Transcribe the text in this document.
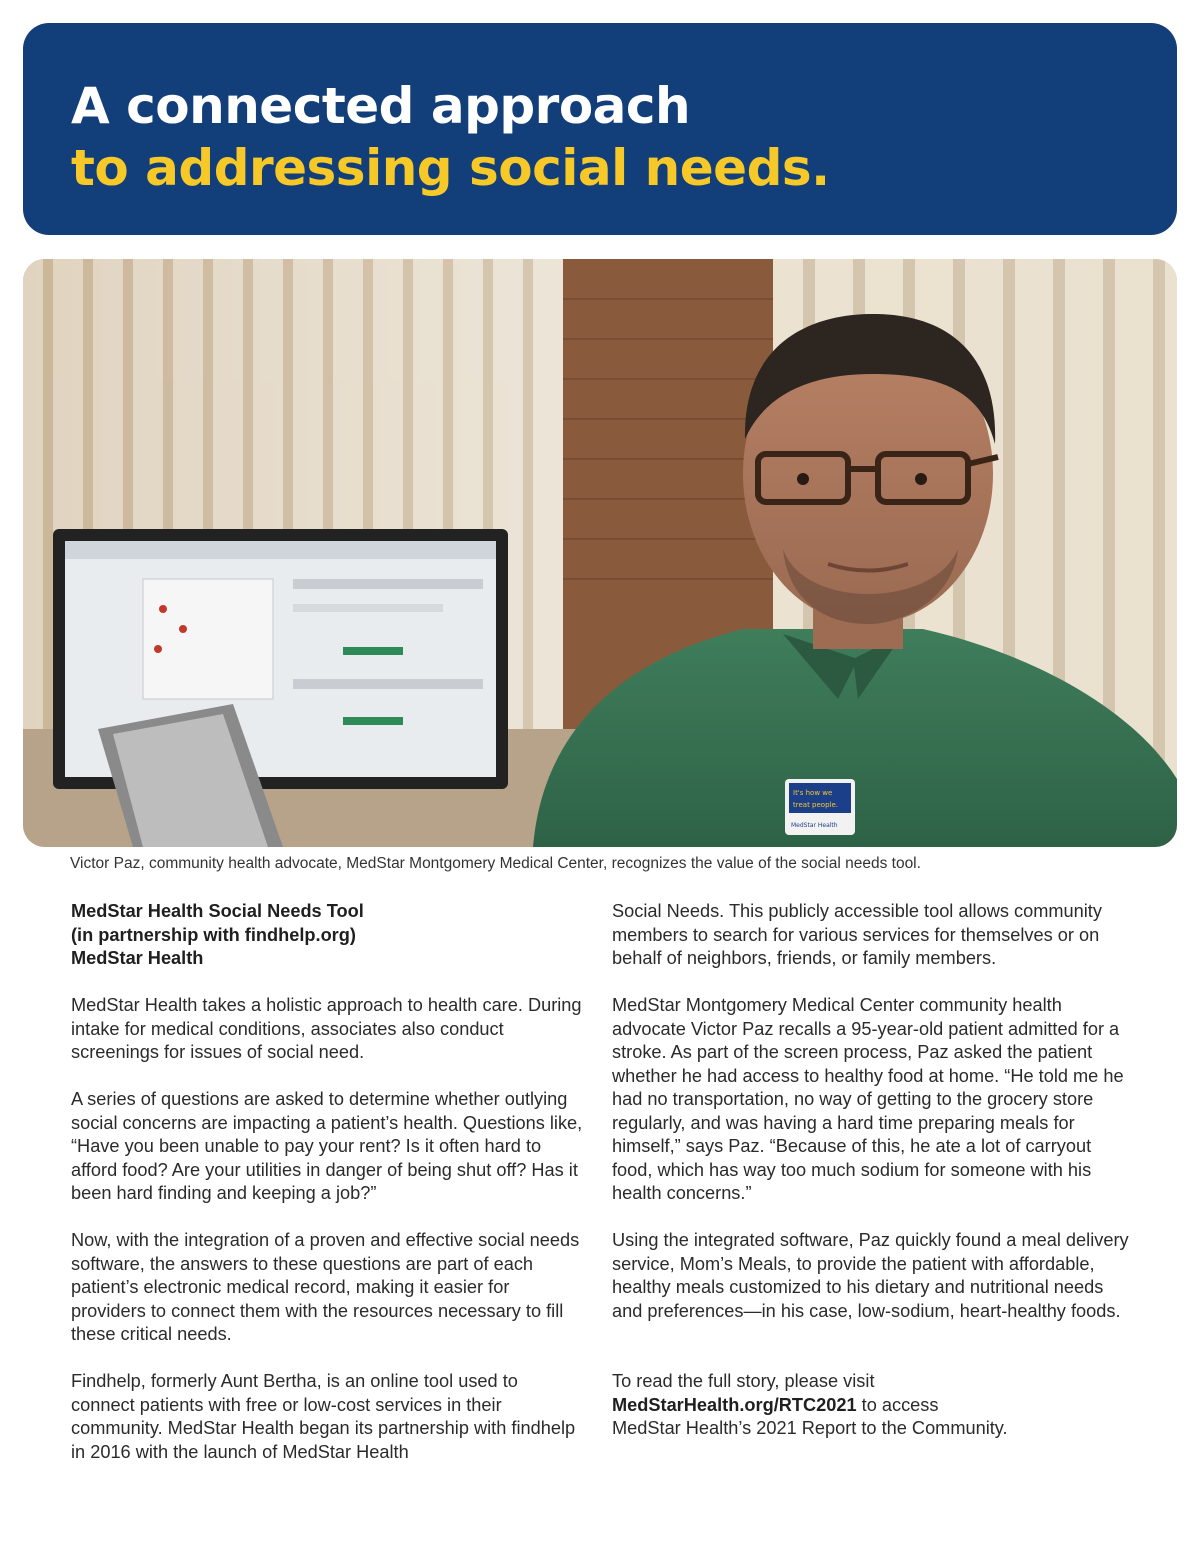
A connected approach
to addressing social needs.
It's how we
treat people.
MedStar Health
Victor Paz, community health advocate, MedStar Montgomery Medical Center, recognizes the value of the social needs tool.

MedStar Health Social Needs Tool
(in partnership with findhelp.org)
MedStar Health

MedStar Health takes a holistic approach to health care. During intake for medical conditions, associates also conduct screenings for issues of social need.

A series of questions are asked to determine whether outlying social concerns are impacting a patient’s health. Questions like, “Have you been unable to pay your rent? Is it often hard to afford food? Are your utilities in danger of being shut off? Has it been hard finding and keeping a job?”

Now, with the integration of a proven and effective social needs software, the answers to these questions are part of each patient’s electronic medical record, making it easier for providers to connect them with the resources necessary to fill these critical needs.

Findhelp, formerly Aunt Bertha, is an online tool used to connect patients with free or low-cost services in their community. MedStar Health began its partnership with findhelp in 2016 with the launch of MedStar Health

Social Needs. This publicly accessible tool allows community members to search for various services for themselves or on behalf of neighbors, friends, or family members.

MedStar Montgomery Medical Center community health advocate Victor Paz recalls a 95-year-old patient admitted for a stroke. As part of the screen process, Paz asked the patient whether he had access to healthy food at home. “He told me he had no transportation, no way of getting to the grocery store regularly, and was having a hard time preparing meals for himself,” says Paz. “Because of this, he ate a lot of carryout food, which has way too much sodium for someone with his health concerns.”

Using the integrated software, Paz quickly found a meal delivery service, Mom’s Meals, to provide the patient with affordable, healthy meals customized to his dietary and nutritional needs and preferences—in his case, low-sodium, heart-healthy foods.

To read the full story, please visit
MedStarHealth.org/RTC2021 to access
MedStar Health’s 2021 Report to the Community.
